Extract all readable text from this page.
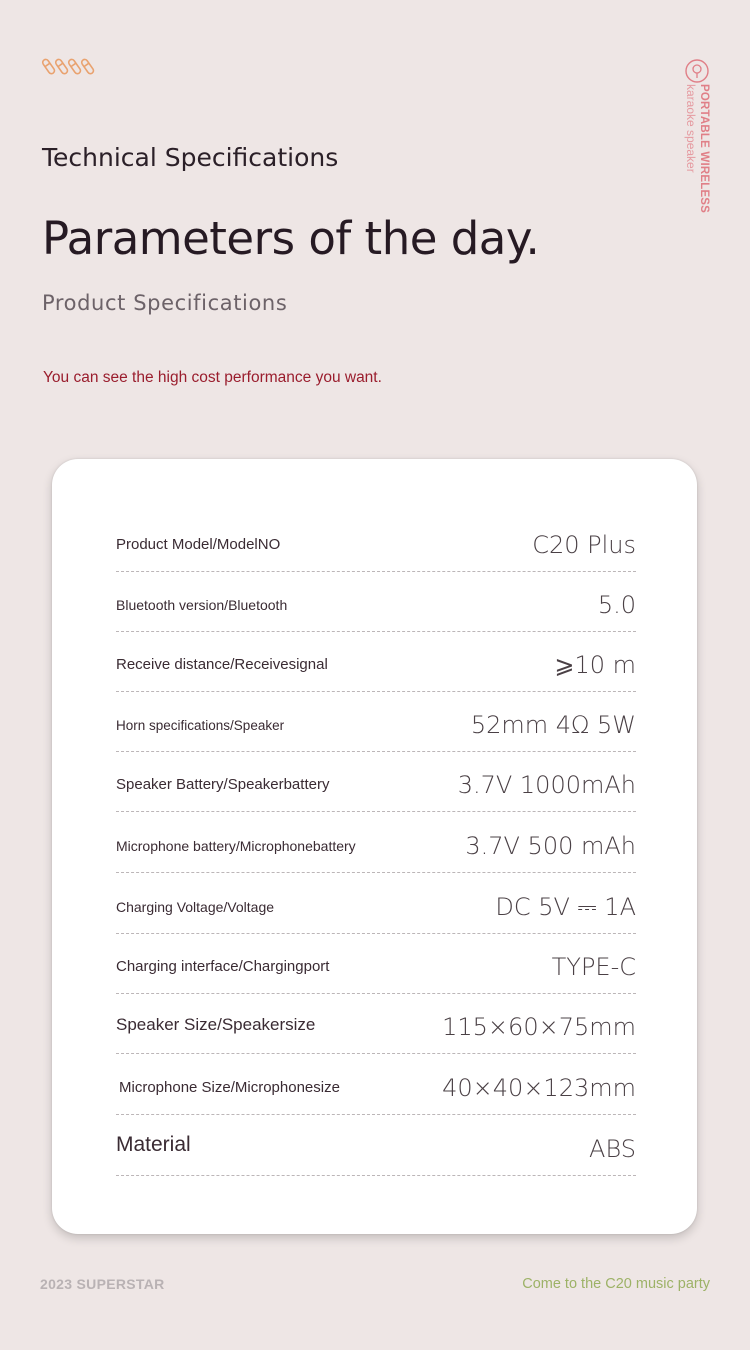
PORTABLE WIRELESS
karaoke speaker
Technical Specifications
Parameters of the day.
Product Specifications
You can see the high cost performance you want.
Product Model/ModelNO	C20 Plus
Bluetooth version/Bluetooth	5.0
Receive distance/Receivesignal	⩾10 m
Horn specifications/Speaker	52mm 4Ω 5W
Speaker Battery/Speakerbattery	3.7V 1000mAh
Microphone battery/Microphonebattery	3.7V 500 mAh
Charging Voltage/Voltage	DC 5V ⎓ 1A
Charging interface/Chargingport	TYPE-C
Speaker Size/Speakersize	115×60×75mm
Microphone Size/Microphonesize	40×40×123mm
Material	ABS
2023 SUPERSTAR	Come to the C20 music party
